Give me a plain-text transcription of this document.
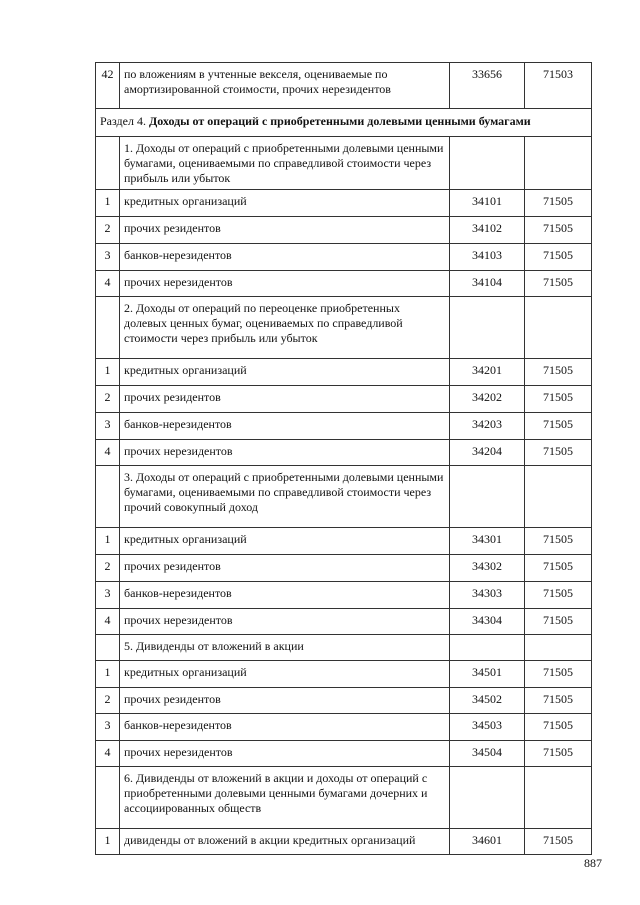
42	по вложениям в учтенные векселя, оцениваемые по амортизированной стоимости, прочих нерезидентов	33656	71503
Раздел 4. Доходы от операций с приобретенными долевыми ценными бумагами			
	1. Доходы от операций с приобретенными долевыми ценными бумагами, оцениваемыми по справедливой стоимости через прибыль или убыток		
1	кредитных организаций	34101	71505
2	прочих резидентов	34102	71505
3	банков-нерезидентов	34103	71505
4	прочих нерезидентов	34104	71505
	2. Доходы от операций по переоценке приобретенных долевых ценных бумаг, оцениваемых по справедливой стоимости через прибыль или убыток		
1	кредитных организаций	34201	71505
2	прочих резидентов	34202	71505
3	банков-нерезидентов	34203	71505
4	прочих нерезидентов	34204	71505
	3. Доходы от операций с приобретенными долевыми ценными бумагами, оцениваемыми по справедливой стоимости через прочий совокупный доход		
1	кредитных организаций	34301	71505
2	прочих резидентов	34302	71505
3	банков-нерезидентов	34303	71505
4	прочих нерезидентов	34304	71505
	5. Дивиденды от вложений в акции		
1	кредитных организаций	34501	71505
2	прочих резидентов	34502	71505
3	банков-нерезидентов	34503	71505
4	прочих нерезидентов	34504	71505
	6. Дивиденды от вложений в акции и доходы от операций с приобретенными долевыми ценными бумагами дочерних и ассоциированных обществ		
1	дивиденды от вложений в акции кредитных организаций	34601	71505
887
